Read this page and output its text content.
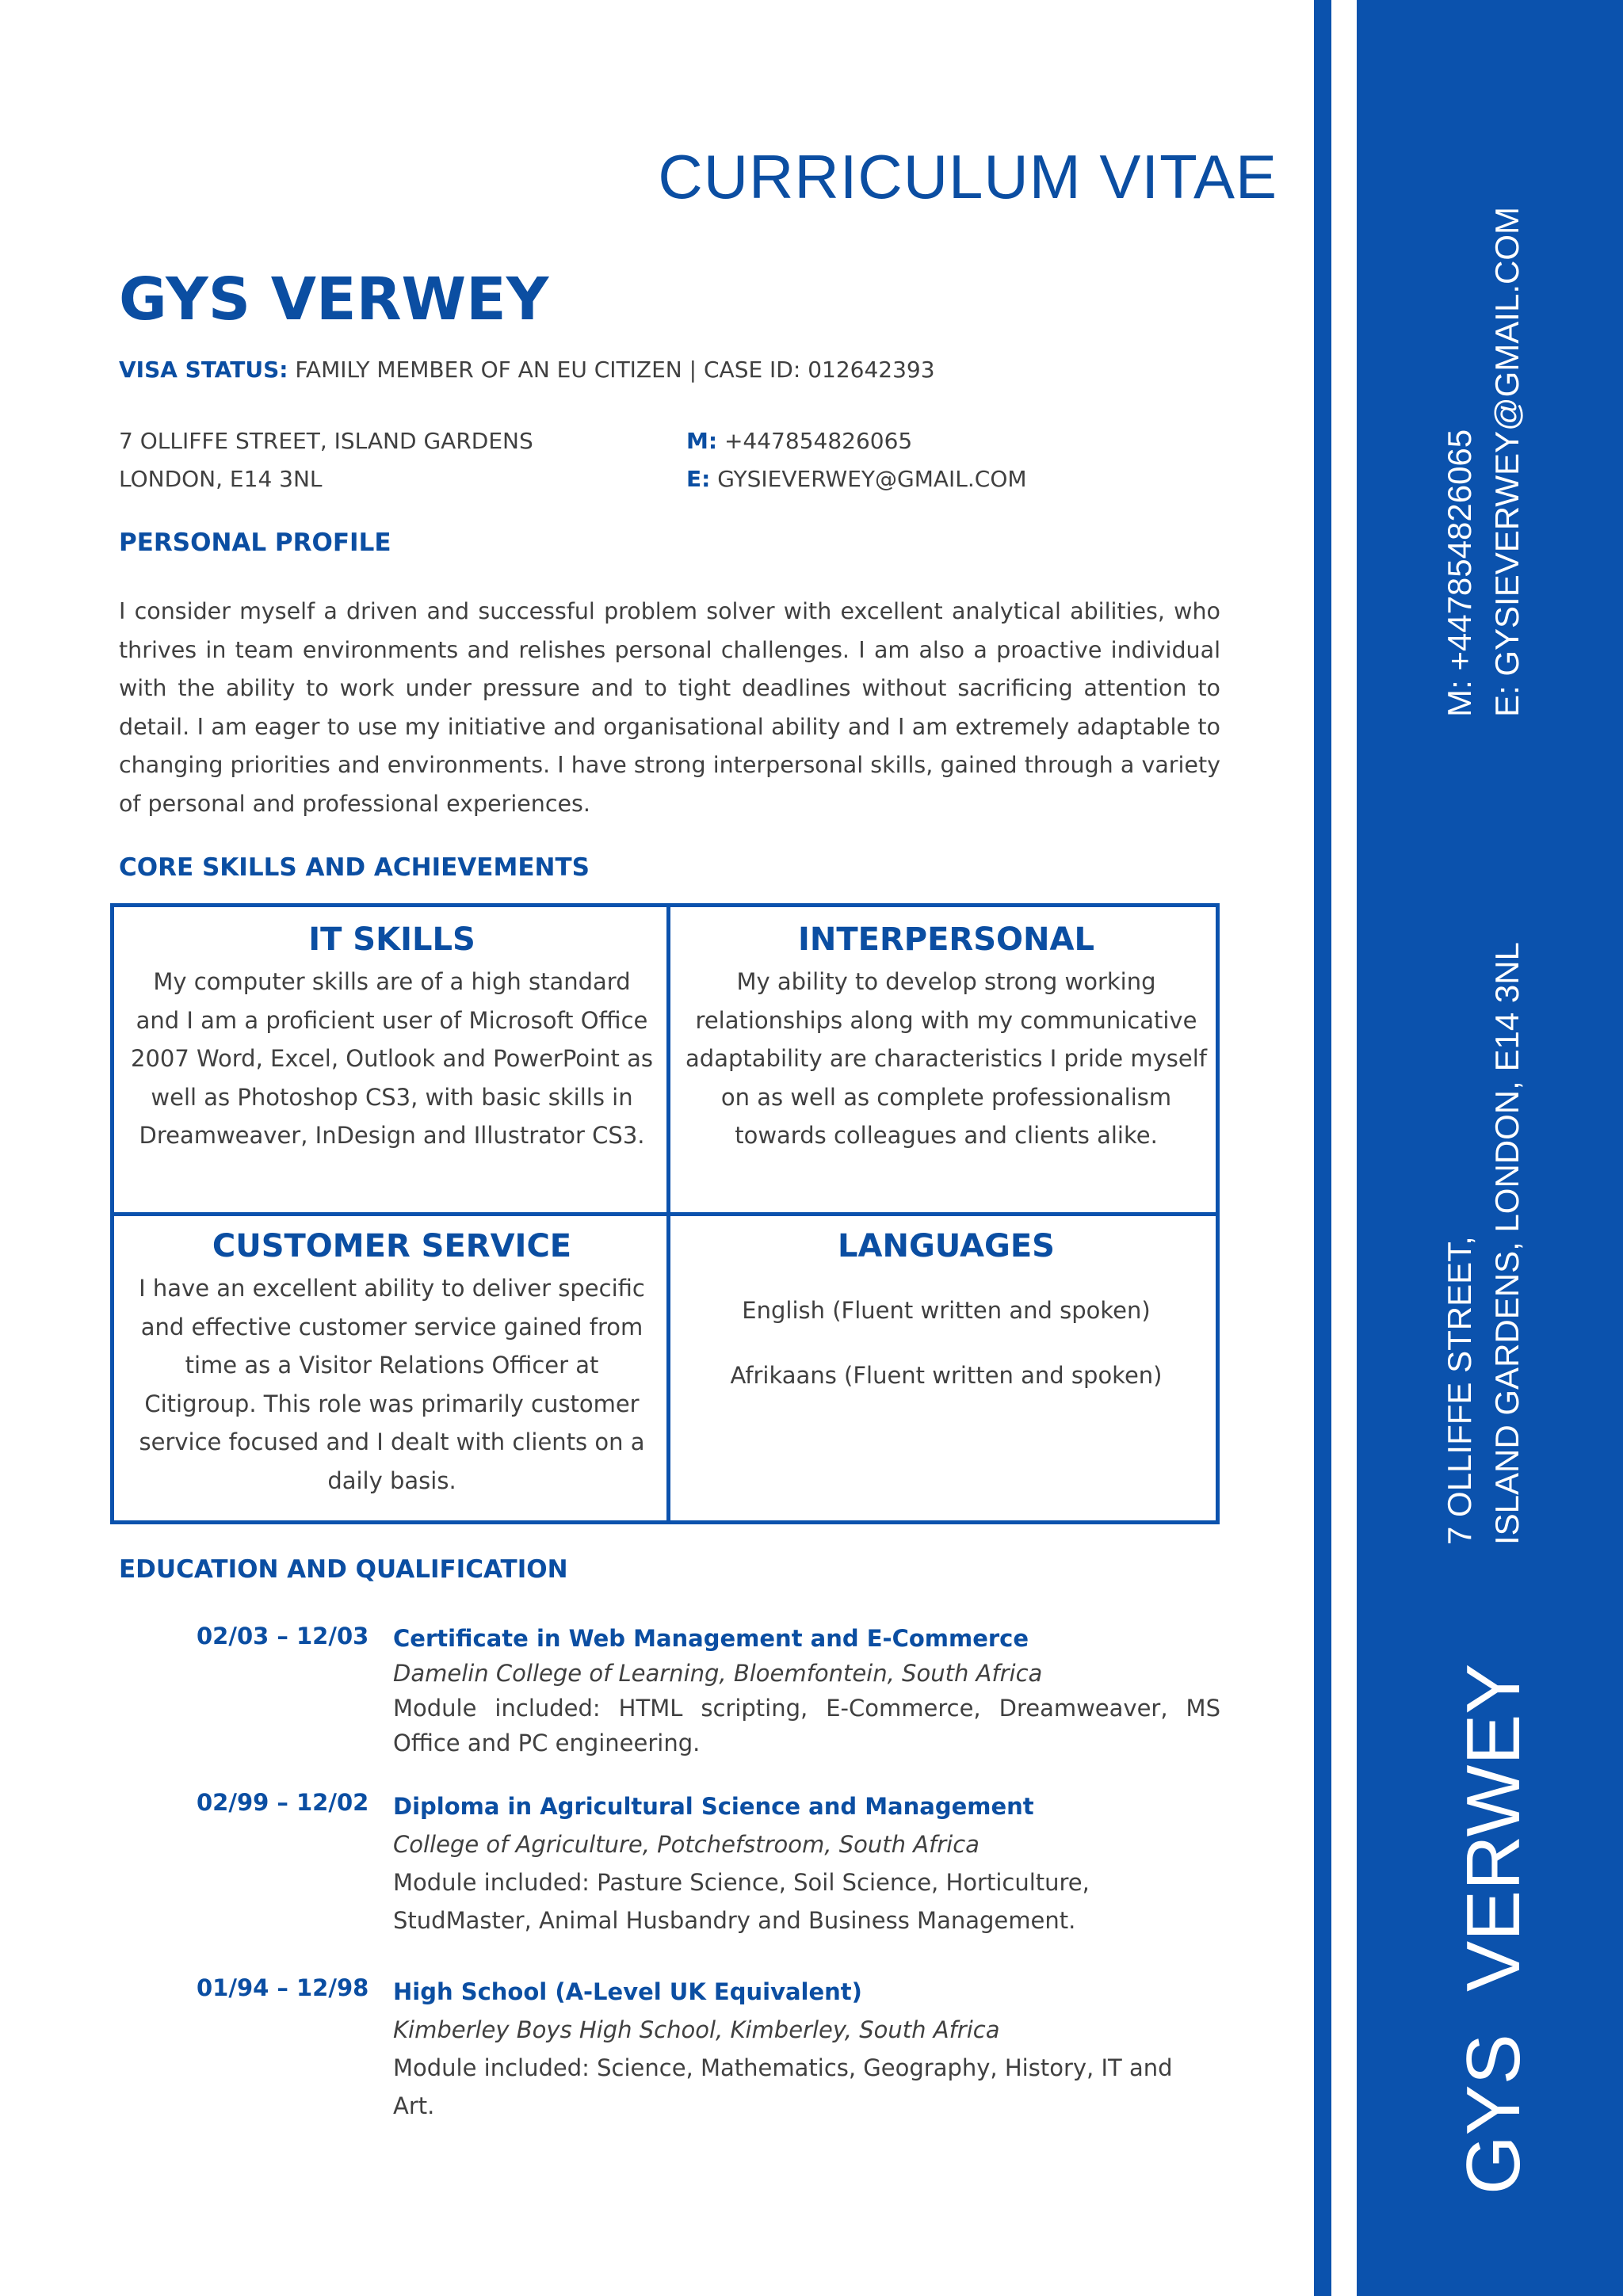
M: +447854826065 E: GYSIEVERWEY@GMAIL.COM
7 OLLIFFE STREET, ISLAND GARDENS, LONDON, E14 3NL
GYS  VERWEY
CURRICULUM VITAE
GYS VERWEY
VISA STATUS: FAMILY MEMBER OF AN EU CITIZEN | CASE ID: 012642393
7 OLLIFFE STREET, ISLAND GARDENS
LONDON, E14 3NL
M: +447854826065
E: GYSIEVERWEY@GMAIL.COM
PERSONAL PROFILE
I consider myself a driven and successful problem solver with excellent analytical abilities, who thrives in team environments and relishes personal challenges. I am also a proactive individual with the ability to work under pressure and to tight deadlines without sacrificing attention to detail. I am eager to use my initiative and organisational ability and I am extremely adaptable to changing priorities and environments. I have strong interpersonal skills, gained through a variety of personal and professional experiences.
CORE SKILLS AND ACHIEVEMENTS
IT SKILLS
My computer skills are of a high standard and I am a proficient user of Microsoft Office 2007 Word, Excel, Outlook and PowerPoint as well as Photoshop CS3, with basic skills in Dreamweaver, InDesign and Illustrator CS3.
INTERPERSONAL
My ability to develop strong working relationships along with my communicative adaptability are characteristics I pride myself on as well as complete professionalism towards colleagues and clients alike.
CUSTOMER SERVICE
I have an excellent ability to deliver specific and effective customer service gained from time as a Visitor Relations Officer at Citigroup. This role was primarily customer service focused and I dealt with clients on a daily basis.
LANGUAGES
English (Fluent written and spoken)
Afrikaans (Fluent written and spoken)
EDUCATION AND QUALIFICATION
02/03 – 12/03 Certificate in Web Management and E-Commerce
Damelin College of Learning, Bloemfontein, South Africa
Module included: HTML scripting, E-Commerce, Dreamweaver, MS Office and PC engineering.
02/99 – 12/02 Diploma in Agricultural Science and Management
College of Agriculture, Potchefstroom, South Africa
Module included: Pasture Science, Soil Science, Horticulture, StudMaster, Animal Husbandry and Business Management.
01/94 – 12/98 High School (A-Level UK Equivalent)
Kimberley Boys High School, Kimberley, South Africa
Module included: Science, Mathematics, Geography, History, IT and Art.
